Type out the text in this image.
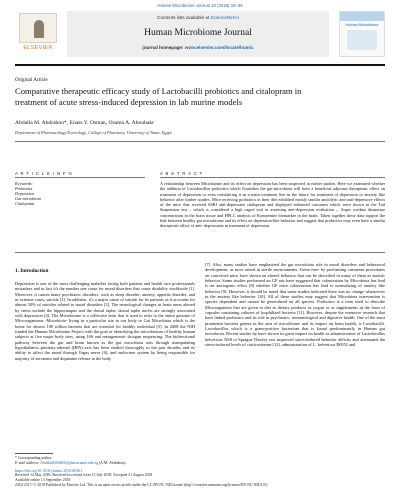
Human Microbiome Journal 10 (2018) 33–36
ELSEVIER
Contents lists available at ScienceDirect
Human Microbiome Journal
journal homepage: www.elsevier.com/locate/humic
Human Microbiome
Original Article
Comparative therapeutic efficacy study of Lactobacilli probiotics and citalopram in treatment of acute stress-induced depression in lab murine models
Abdalla M. Abdrabou*, Enass Y. Osman, Osama A. Aboubakr
Department of Pharmacology/Toxicology, College of Pharmacy, University of Tanta, Egypt
A R T I C L E I N F O	A B S T R A C T
Keywords:
Probiotics
Depression
Gut-microbiota
Citalopram
A relationship between Microbiome and its effect on depression has been suspected in earlier studies. Here we examined whether the addition of Lactobacillus probiotics which flourishes the gut-microbiota will have a beneficial adjuvant therapeutic effect on treatment of depression or even considering it as a main treatment line in the future for treatment of depression or anxiety like behavior after further studies. Mice receiving probiotics in their diet exhibited mostly similar anxiolytic and anti-depressive effects of the mice that received SSRI anti-depressant citalopram and displayed enhanced outcomes which were shown in the Tail Suspension test – which is considered a high caged tool in assessing anti-depression evaluation –. Super oxidase dismutase concentration in the brain tissue and HPLC analysis of Kynurenine biomarker in the brain. Taken together these data support the link between healthy gut microbiome and its effect on depression-like behavior and suggest that probiotics may even have a similar therapeutic effect of anti- depressants in treatment of depression.
1. Introduction

Depression is one of the most challenging maladies facing both patients and health care professionals nowadays and in fact it's the number one cause for mood disorders that cause disability worldwide [1]. Moreover, it causes many psychiatric disorders, such as sleep disorder, anxiety, appetite disorder, and in extreme cases, suicide [2]. In addition, it's a major cause of suicide for its patients as it accounts for almost 50% of suicides related to mood disorders [3]. The neurological changes in brain areas altered by stress include the hippocampus and the dorsal raphe; dorsal raphe nuclei are strongly associated with depression [4]. The Microbiome is a collective term that is used to refer to the entire genome of Microorganisms -Microbiota- living in a particular site in our body or Gut Microbiota which is the home for almost 100 trillion bacteria that are essential for healthy individual [5]. In 2008 the NIH funded the Human Microbiome Project with the goal of identifying the microbiomes of healthy human subjects at five major body sites, using 16S and metagenomic shotgun sequencing. The bidirectional pathway between the gut and brain known as the gut microbiota axis through manipulating hypothalamic–pituitary-adrenal (HPA) axis has been studied thoroughly in the past decades and its ability to affect the mood through Vagus nerve [6]; and endocrine system by being responsible for majority of serotonin and dopamine release in the body

[7]. Also, many studies have emphasized the gut microbiota role in mood disorders and behavioral development, as mice raised in sterile environments -Germ free- by performing caesarean procedures on conceived mice have shown an altered behavior that can be described in many of them as autistic behavior. Some studies performed on GF rats have suggested that colonization by Microbiota has lead to an anxiogenic effect [8] whether GF mice colonization has lead to normalizing of anxiety like behavior [9]. However, it should be noted that some studies indicated there was no change whatsoever in the anxiety like behavior [10]. All of these studies may suggest that Microbiota intervention is species dependent and cannot be generalized on all species. Probiotics is a term used to describe Microorganism that are given in diet as dietary products as yogurt or as supplements in the form of capsules containing cultures of lyophilized bacteria [11]. However, despite the extensive research that have linked probiotics and its role in psychiatric, immunological and digestive health. One of the most prominent bacteria genera in the area of microbiome and its impact on brain health, is Lactobacilli. Lactobacillus which is a gram-positive bacterium that is found predominantly in Human gut microbiota. Recent studies by have shown its great impact on health as administration of Lactobacillus helveticus NS8 to Sprague Dawley rats improved stress-induced behavior deficits and attenuated the stress-induced levels of corticosterone [12], administration of L. helveticus R0052 and

* Corresponding author.
E-mail address: Abdalla8204681@pharm.tanta.edu.eg (A.M. Abdrabou).
https://doi.org/10.1016/j.humic.2018.08.001
Received 14 May 2018; Received in revised form 15 July 2018; Accepted 21 August 2018
Available online 13 September 2018
2452-2317/ © 2018 Published by Elsevier Ltd. This is an open access article under the CC BY-NC-ND license (http://creativecommons.org/licenses/BY-NC-ND/4.0/).
